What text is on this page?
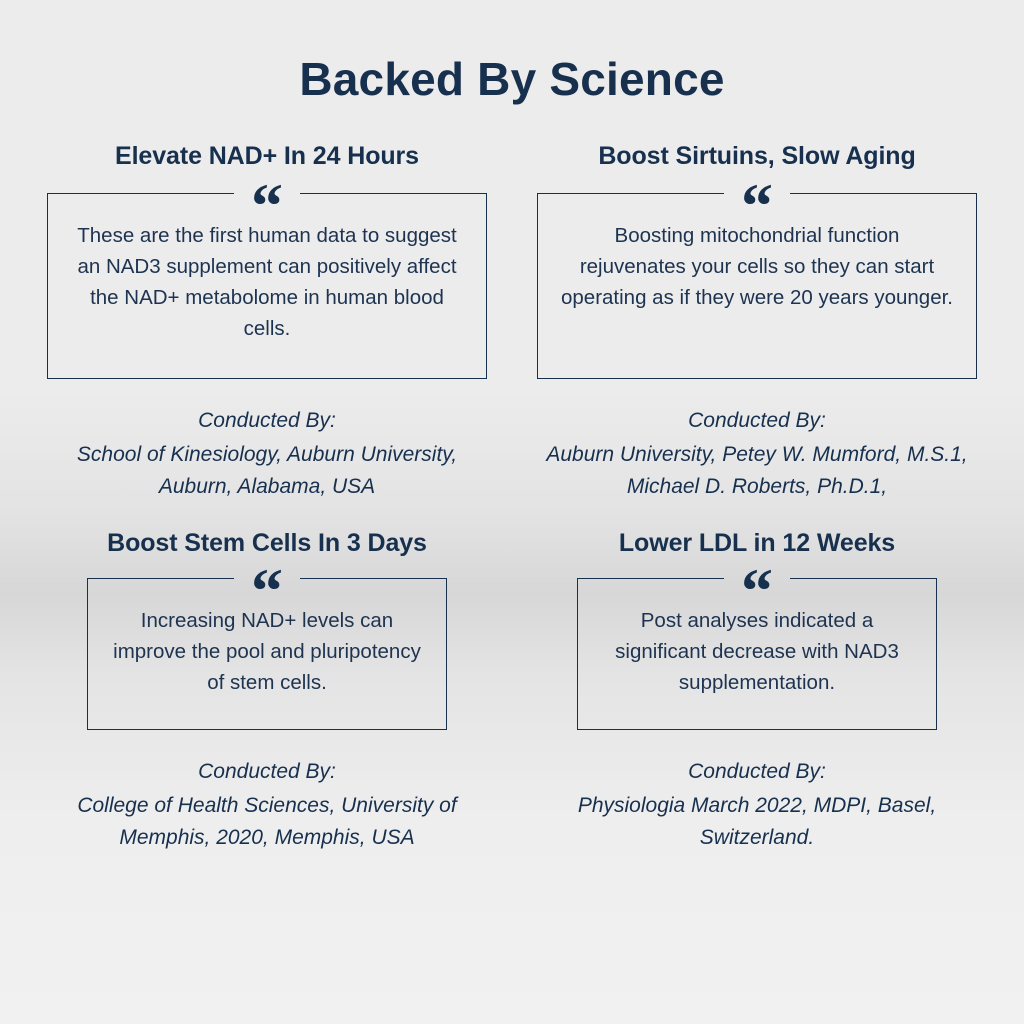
Backed By Science
Elevate NAD+ In 24 Hours
“

These are the first human data to suggest an NAD3 supplement can positively affect the NAD+ metabolome in human blood cells.

Conducted By:
School of Kinesiology, Auburn University, Auburn, Alabama, USA
Boost Sirtuins, Slow Aging
“

Boosting mitochondrial function rejuvenates your cells so they can start operating as if they were 20 years younger.

Conducted By:
Auburn University, Petey W. Mumford, M.S.1, Michael D. Roberts, Ph.D.1,
Boost Stem Cells In 3 Days
“

Increasing NAD+ levels can improve the pool and pluripotency of stem cells.

Conducted By:
College of Health Sciences, University of Memphis, 2020, Memphis, USA
Lower LDL in 12 Weeks
“

Post analyses indicated a significant decrease with NAD3 supplementation.

Conducted By:
Physiologia March 2022, MDPI, Basel, Switzerland.
